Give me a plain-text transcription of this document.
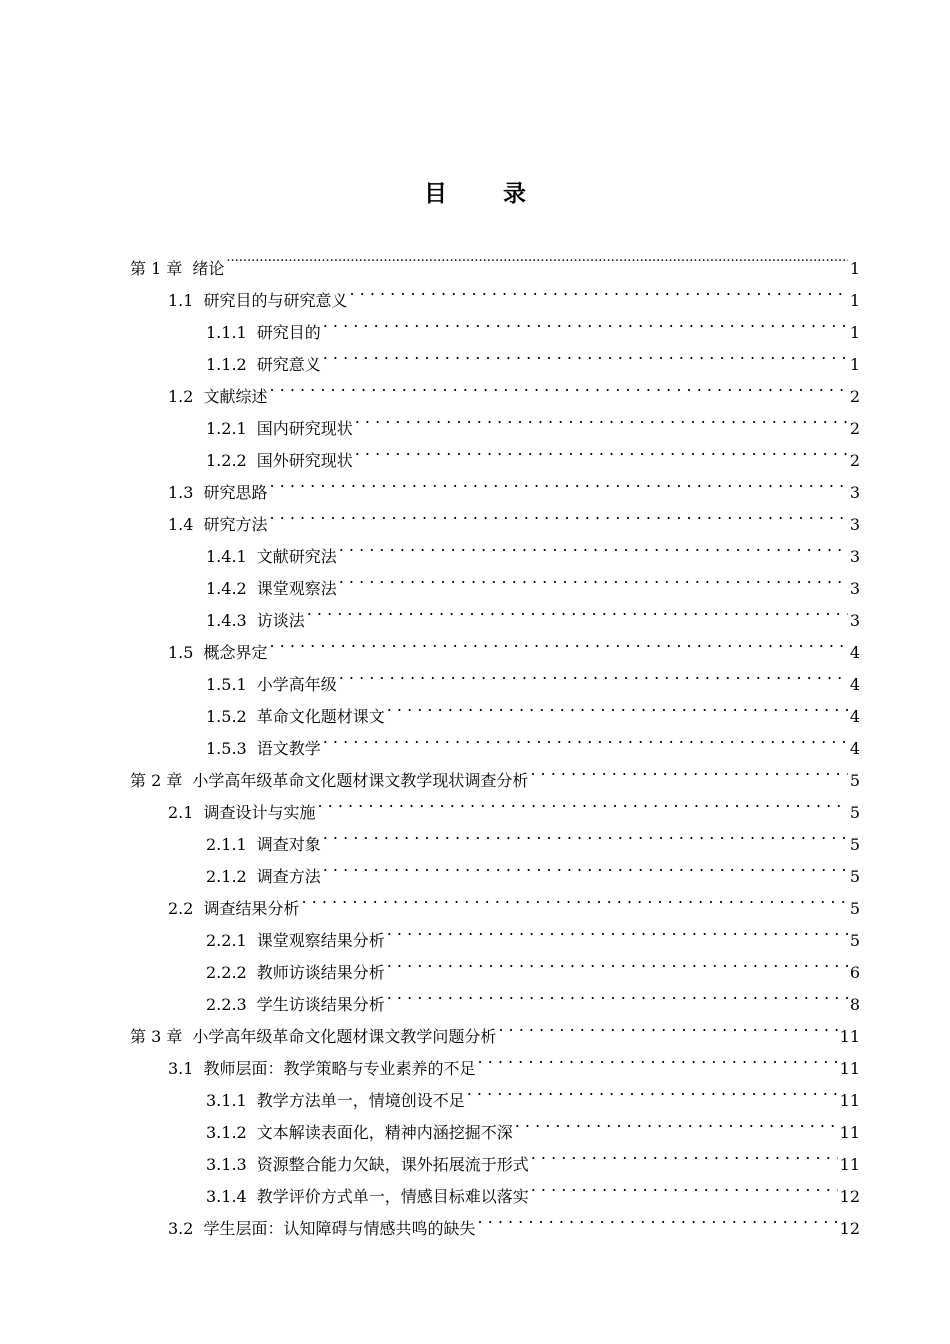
目 录
第 1 章 绪论 .....	1
1.1 研究目的与研究意义 . . .	1
1.1.1 研究目的 . . .	1
1.1.2 研究意义 . . .	1
1.2 文献综述 . . .	2
1.2.1 国内研究现状 . . .	2
1.2.2 国外研究现状 . . .	2
1.3 研究思路 . . .	3
1.4 研究方法 . . .	3
1.4.1 文献研究法 . . .	3
1.4.2 课堂观察法 . . .	3
1.4.3 访谈法 . . .	3
1.5 概念界定 . . .	4
1.5.1 小学高年级 . . .	4
1.5.2 革命文化题材课文 . . .	4
1.5.3 语文教学 . . .	4
第 2 章 小学高年级革命文化题材课文教学现状调查分析 . . .	5
2.1 调查设计与实施 . . .	5
2.1.1 调查对象 . . .	5
2.1.2 调查方法 . . .	5
2.2 调查结果分析 . . .	5
2.2.1 课堂观察结果分析 . . .	5
2.2.2 教师访谈结果分析 . . .	6
2.2.3 学生访谈结果分析 . . .	8
第 3 章 小学高年级革命文化题材课文教学问题分析 . . .	11
3.1 教师层面：教学策略与专业素养的不足 . . .	11
3.1.1 教学方法单一，情境创设不足 . . .	11
3.1.2 文本解读表面化，精神内涵挖掘不深 . . .	11
3.1.3 资源整合能力欠缺，课外拓展流于形式 . . .	11
3.1.4 教学评价方式单一，情感目标难以落实 . . .	12
3.2 学生层面：认知障碍与情感共鸣的缺失 . . .	12
